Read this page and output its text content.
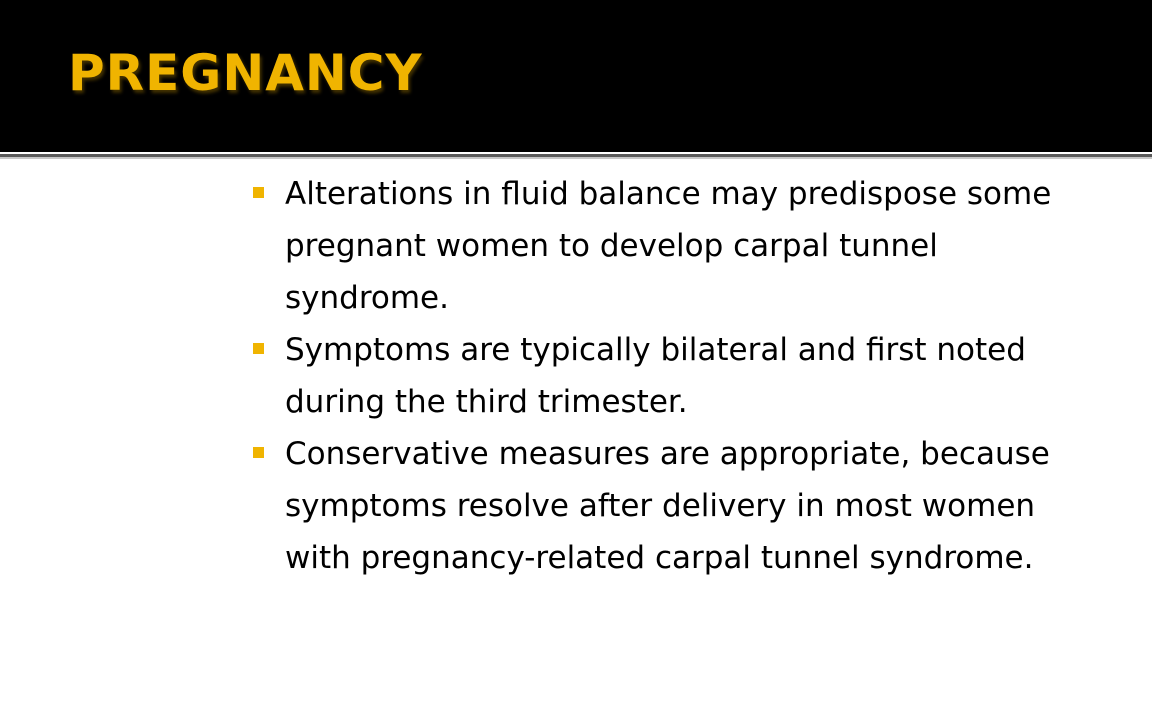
PREGNANCY
Alterations in fluid balance may predispose some pregnant women to develop carpal tunnel syndrome.
Symptoms are typically bilateral and first noted during the third trimester.
Conservative measures are appropriate, because symptoms resolve after delivery in most women with pregnancy-related carpal tunnel syndrome.
